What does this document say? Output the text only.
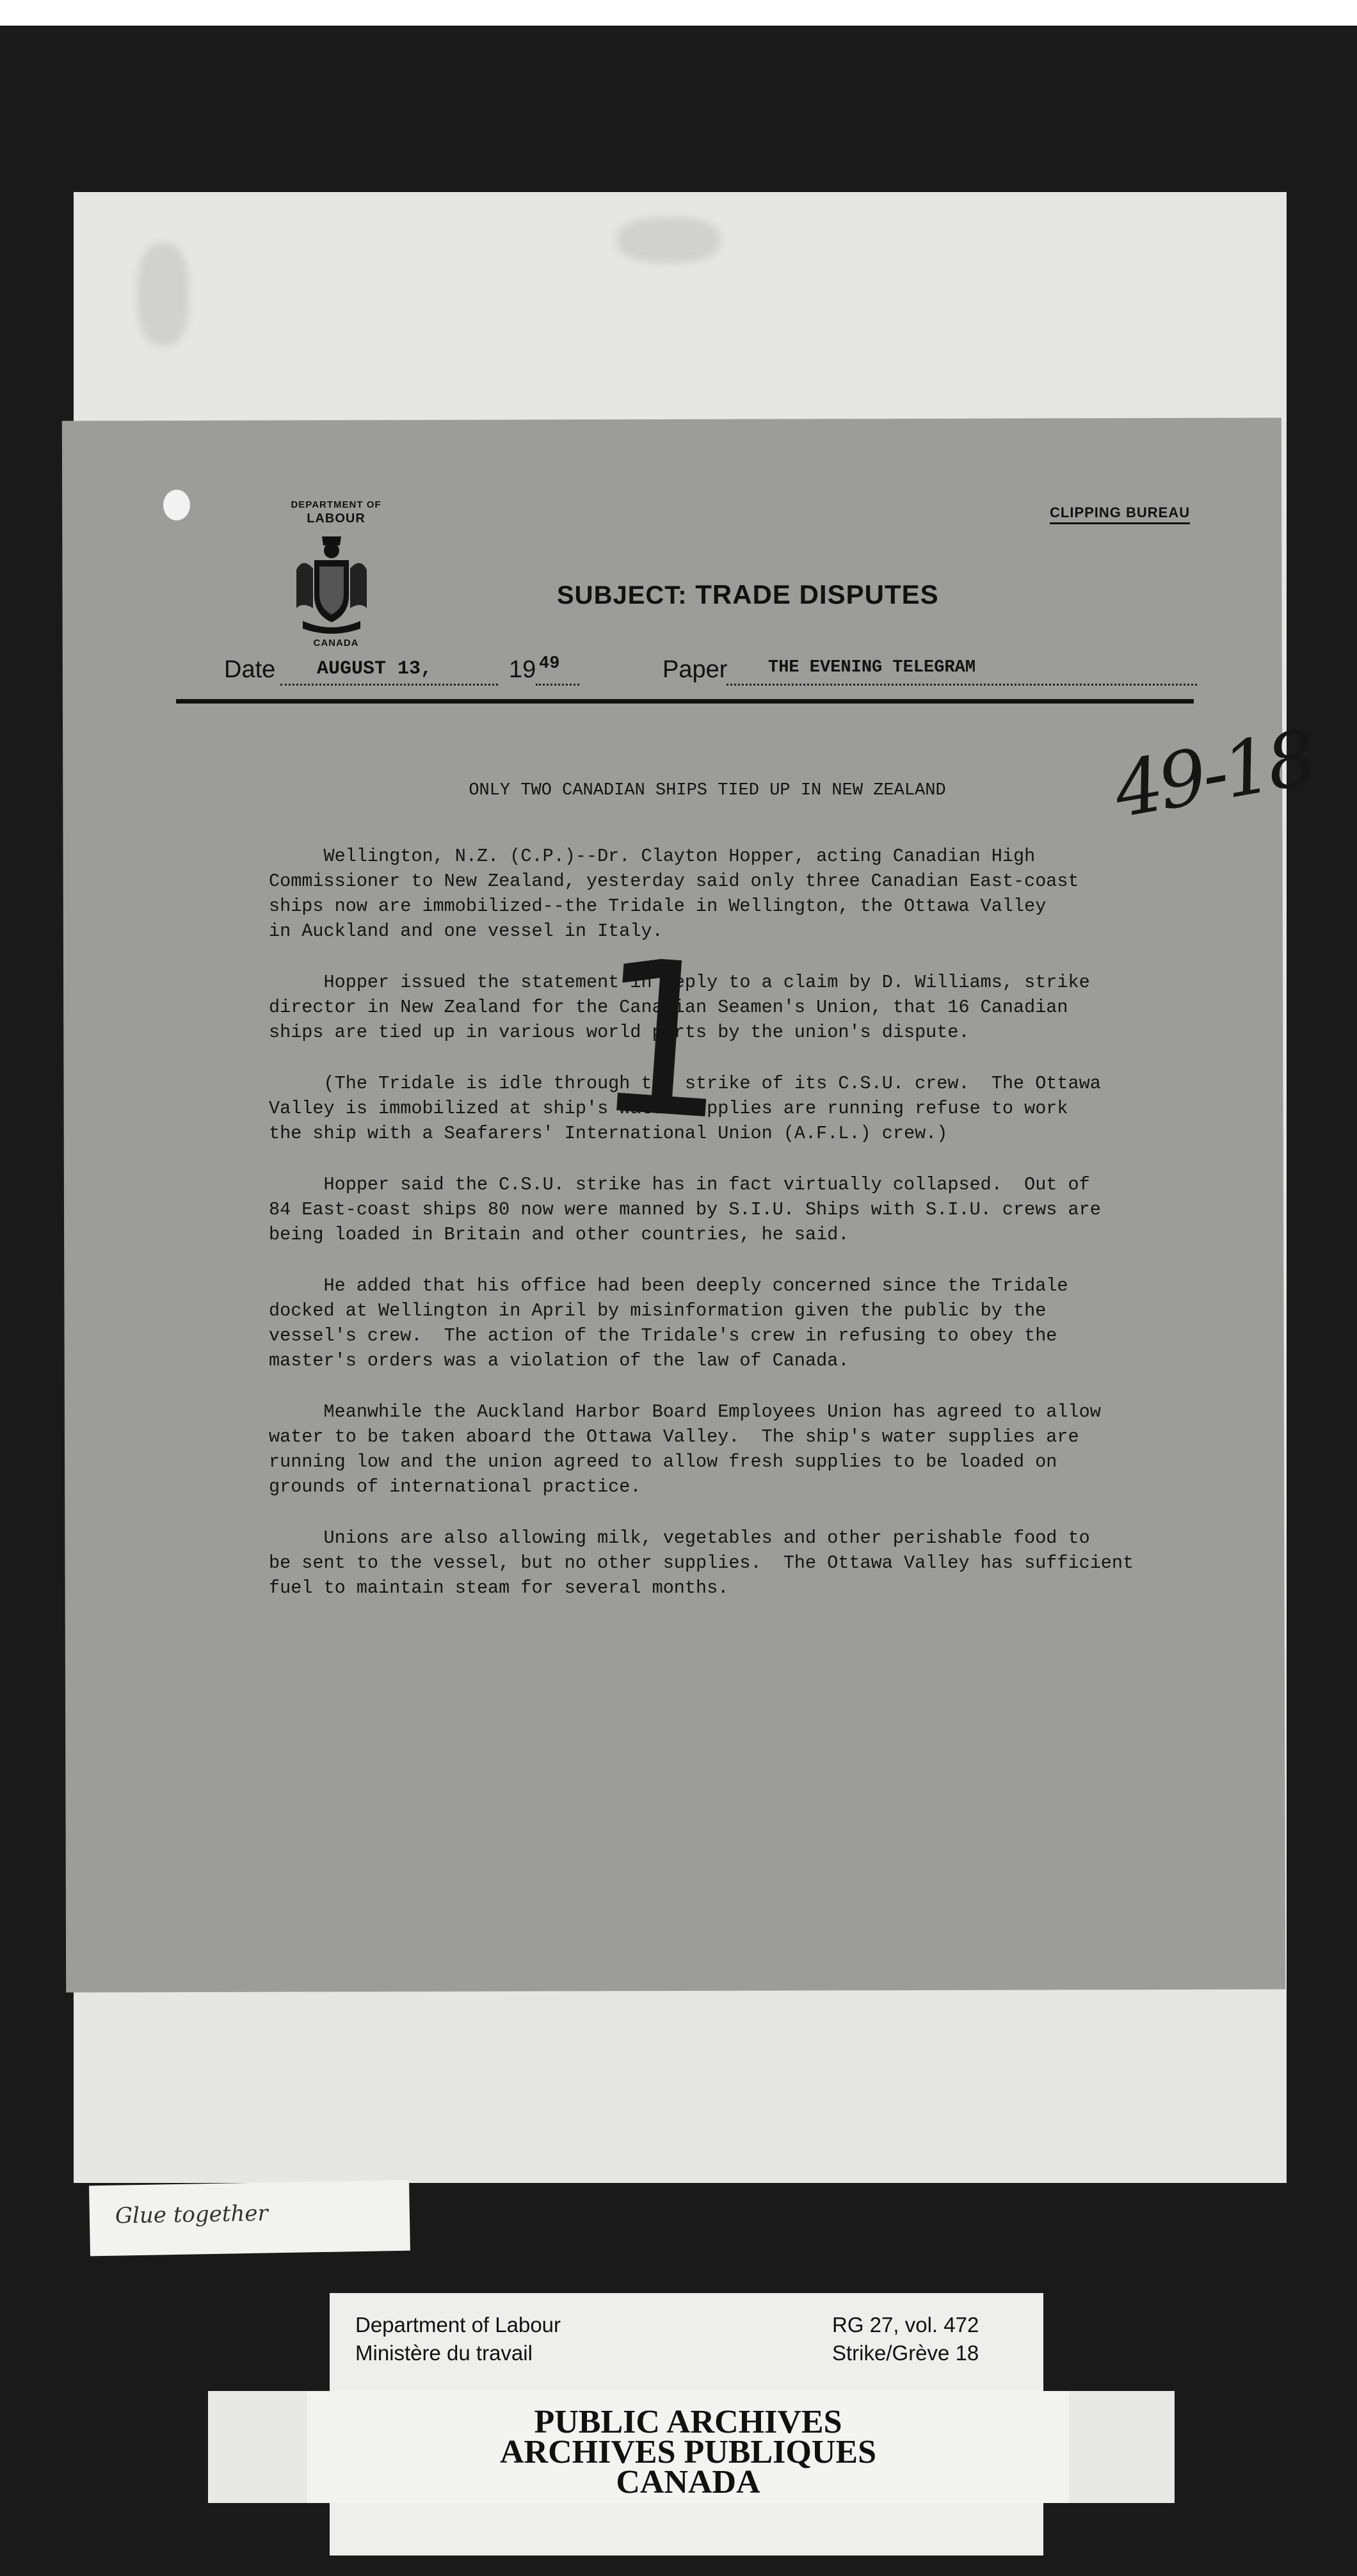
DEPARTMENT OF
LABOUR
CANADA
CLIPPING BUREAU
SUBJECT: TRADE DISPUTES
Date AUGUST 13,	19 49	Paper THE EVENING TELEGRAM
49-18
ONLY TWO CANADIAN SHIPS TIED UP IN NEW ZEALAND

Wellington, N.Z. (C.P.)--Dr. Clayton Hopper, acting Canadian High
Commissioner to New Zealand, yesterday said only three Canadian East-coast
ships now are immobilized--the Tridale in Wellington, the Ottawa Valley
in Auckland and one vessel in Italy.

Hopper issued the statement in reply to a claim by D. Williams, strike
director in New Zealand for the Canadian Seamen's Union, that 16 Canadian
ships are tied up in various world ports by the union's dispute.

(The Tridale is idle through the strike of its C.S.U. crew.  The Ottawa
Valley is immobilized at ship's water supplies are running refuse to work
the ship with a Seafarers' International Union (A.F.L.) crew.)

Hopper said the C.S.U. strike has in fact virtually collapsed.  Out of
84 East-coast ships 80 now were manned by S.I.U. Ships with S.I.U. crews are
being loaded in Britain and other countries, he said.

He added that his office had been deeply concerned since the Tridale
docked at Wellington in April by misinformation given the public by the
vessel's crew.  The action of the Tridale's crew in refusing to obey the
master's orders was a violation of the law of Canada.

Meanwhile the Auckland Harbor Board Employees Union has agreed to allow
water to be taken aboard the Ottawa Valley.  The ship's water supplies are
running low and the union agreed to allow fresh supplies to be loaded on
grounds of international practice.

Unions are also allowing milk, vegetables and other perishable food to
be sent to the vessel, but no other supplies.  The Ottawa Valley has sufficient
fuel to maintain steam for several months.

1
Glue together
Department of Labour
Ministère du travail
RG 27, vol. 472
Strike/Grève 18
PUBLIC ARCHIVES
ARCHIVES PUBLIQUES
CANADA
